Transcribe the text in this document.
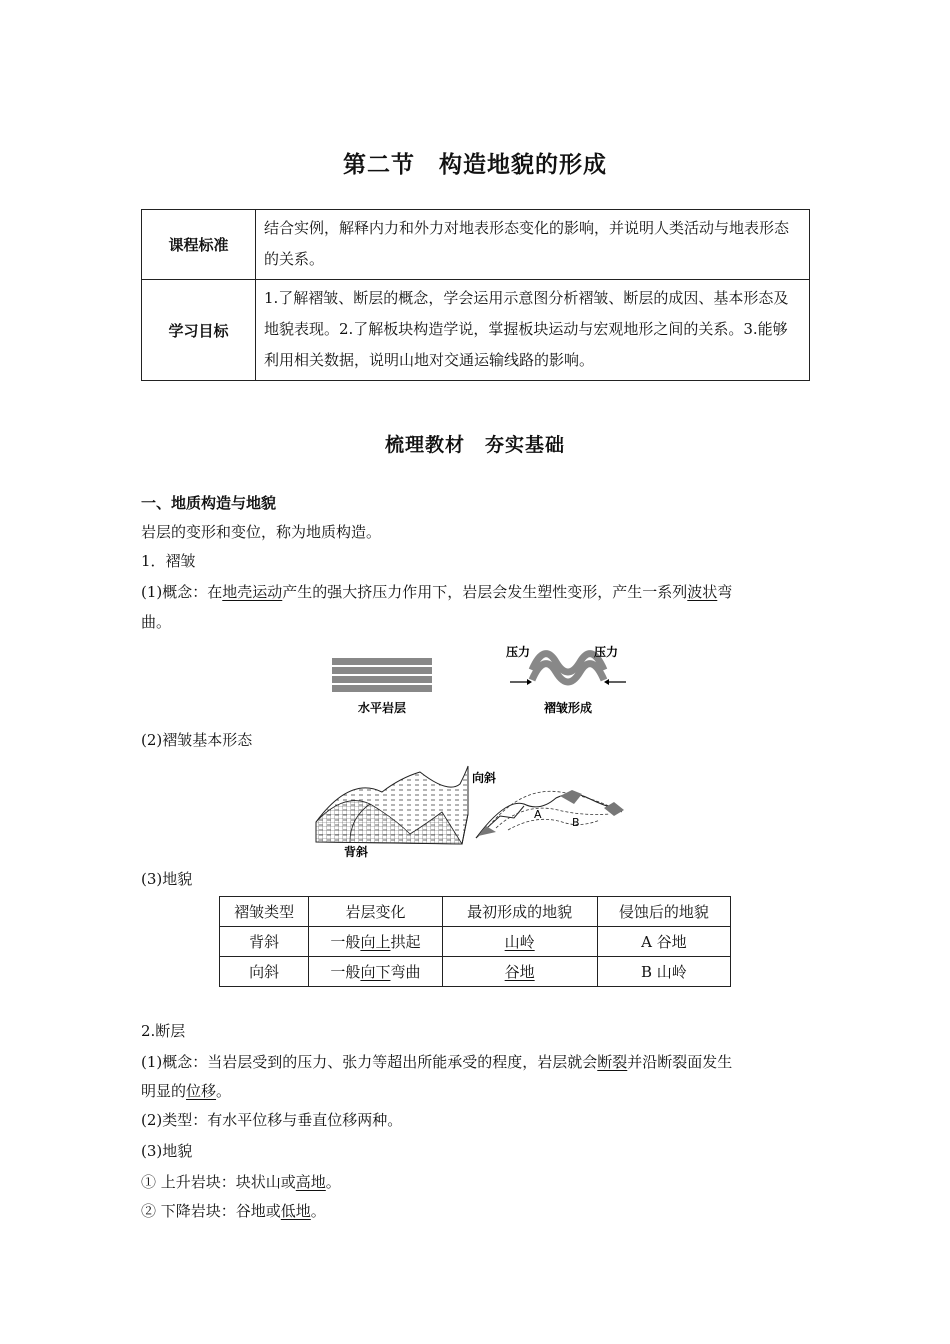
第二节　构造地貌的形成
课程标准	结合实例，解释内力和外力对地表形态变化的影响，并说明人类活动与地表形态的关系。
学习目标	1.了解褶皱、断层的概念，学会运用示意图分析褶皱、断层的成因、基本形态及地貌表现。2.了解板块构造学说，掌握板块运动与宏观地形之间的关系。3.能够利用相关数据，说明山地对交通运输线路的影响。
梳理教材　夯实基础
一、地质构造与地貌
岩层的变形和变位，称为地质构造。
1．褶皱
(1)概念：在地壳运动产生的强大挤压力作用下，岩层会发生塑性变形，产生一系列波状弯
曲。
水平岩层
压力	压力
褶皱形成
(2)褶皱基本形态
向斜
背斜
A
B
(3)地貌
褶皱类型	岩层变化	最初形成的地貌	侵蚀后的地貌
背斜	一般向上拱起	山岭	A 谷地
向斜	一般向下弯曲	谷地	B 山岭
2.断层
(1)概念：当岩层受到的压力、张力等超出所能承受的程度，岩层就会断裂并沿断裂面发生
明显的位移。
(2)类型：有水平位移与垂直位移两种。
(3)地貌
① 上升岩块：块状山或高地。
② 下降岩块：谷地或低地。
